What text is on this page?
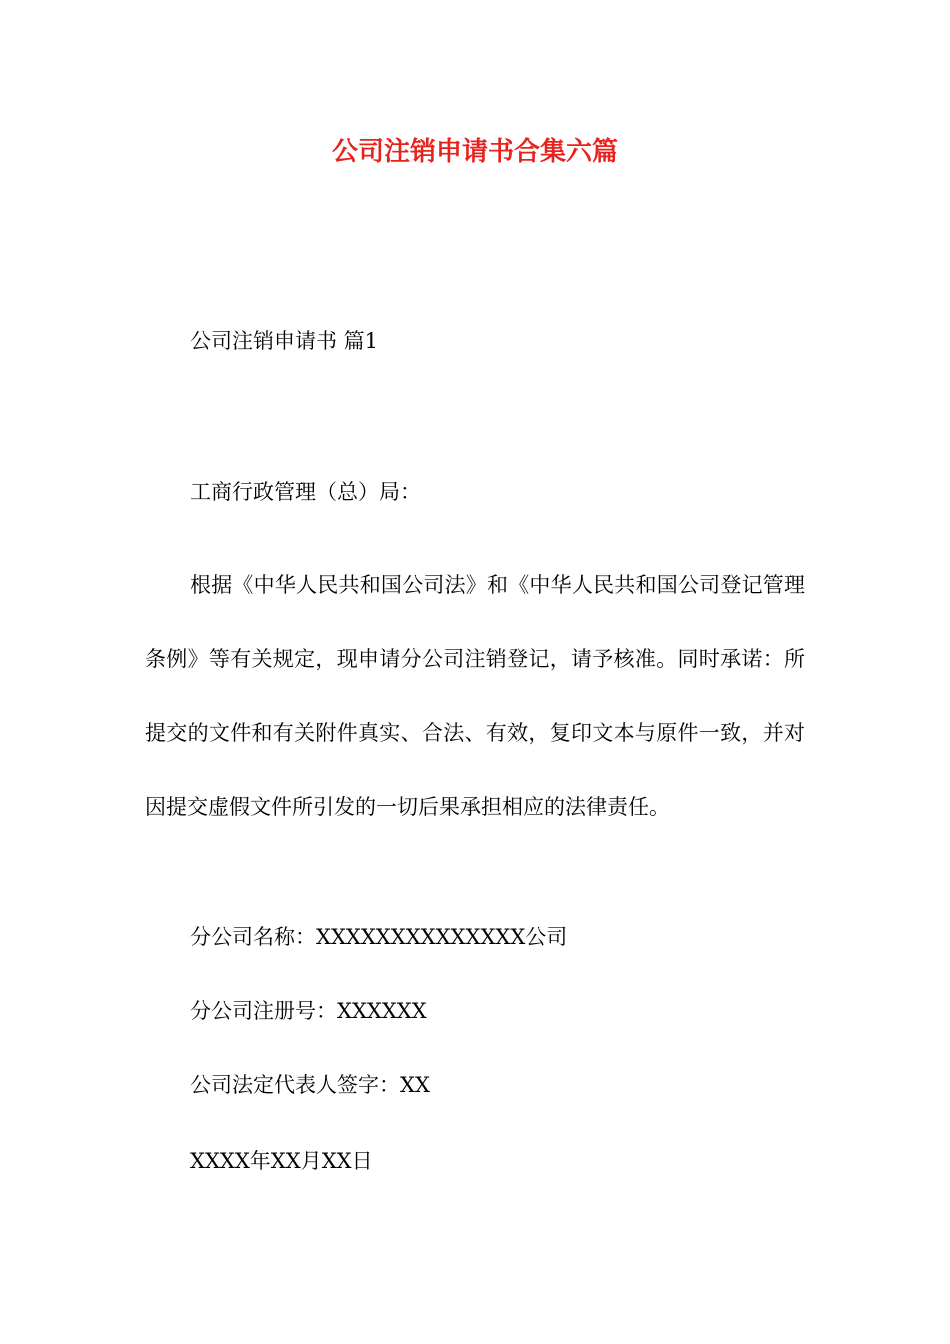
公司注销申请书合集六篇
公司注销申请书 篇1
工商行政管理（总）局：
根据《中华人民共和国公司法》和《中华人民共和国公司登记管理条例》等有关规定，现申请分公司注销登记，请予核准。同时承诺：所提交的文件和有关附件真实、合法、有效，复印文本与原件一致，并对因提交虚假文件所引发的一切后果承担相应的法律责任。
分公司名称：XXXXXXXXXXXXXX公司
分公司注册号：XXXXXX
公司法定代表人签字：XX
XXXX年XX月XX日
